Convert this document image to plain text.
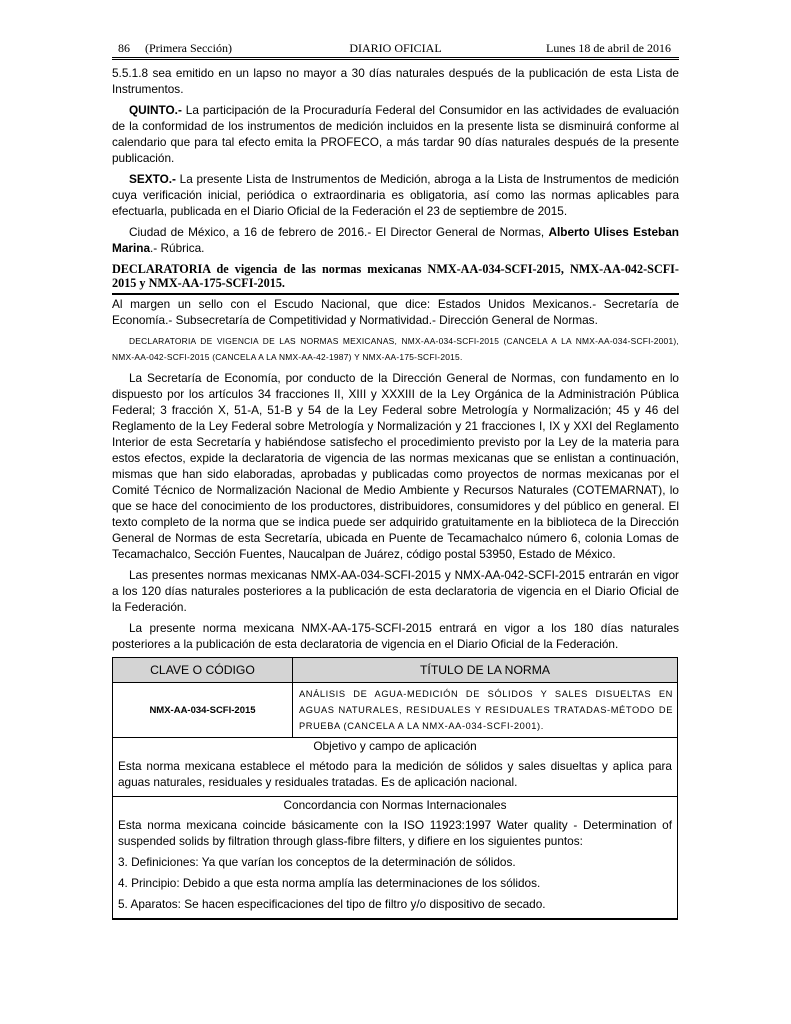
86     (Primera Sección)	DIARIO OFICIAL	Lunes 18 de abril de 2016

5.5.1.8 sea emitido en un lapso no mayor a 30 días naturales después de la publicación de esta Lista de Instrumentos.

QUINTO.- La participación de la Procuraduría Federal del Consumidor en las actividades de evaluación de la conformidad de los instrumentos de medición incluidos en la presente lista se disminuirá conforme al calendario que para tal efecto emita la PROFECO, a más tardar 90 días naturales después de la presente publicación.

SEXTO.- La presente Lista de Instrumentos de Medición, abroga a la Lista de Instrumentos de medición cuya verificación inicial, periódica o extraordinaria es obligatoria, así como las normas aplicables para efectuarla, publicada en el Diario Oficial de la Federación el 23 de septiembre de 2015.

Ciudad de México, a 16 de febrero de 2016.- El Director General de Normas, Alberto Ulises Esteban Marina.- Rúbrica.

DECLARATORIA de vigencia de las normas mexicanas NMX-AA-034-SCFI-2015, NMX-AA-042-SCFI-2015 y NMX-AA-175-SCFI-2015.

Al margen un sello con el Escudo Nacional, que dice: Estados Unidos Mexicanos.- Secretaría de Economía.- Subsecretaría de Competitividad y Normatividad.- Dirección General de Normas.

DECLARATORIA DE VIGENCIA DE LAS NORMAS MEXICANAS, NMX-AA-034-SCFI-2015 (CANCELA A LA NMX-AA-034-SCFI-2001), NMX-AA-042-SCFI-2015 (CANCELA A LA NMX-AA-42-1987) Y NMX-AA-175-SCFI-2015.

La Secretaría de Economía, por conducto de la Dirección General de Normas, con fundamento en lo dispuesto por los artículos 34 fracciones II, XIII y XXXIII de la Ley Orgánica de la Administración Pública Federal; 3 fracción X, 51-A, 51-B y 54 de la Ley Federal sobre Metrología y Normalización; 45 y 46 del Reglamento de la Ley Federal sobre Metrología y Normalización y 21 fracciones I, IX y XXI del Reglamento Interior de esta Secretaría y habiéndose satisfecho el procedimiento previsto por la Ley de la materia para estos efectos, expide la declaratoria de vigencia de las normas mexicanas que se enlistan a continuación, mismas que han sido elaboradas, aprobadas y publicadas como proyectos de normas mexicanas por el Comité Técnico de Normalización Nacional de Medio Ambiente y Recursos Naturales (COTEMARNAT), lo que se hace del conocimiento de los productores, distribuidores, consumidores y del público en general. El texto completo de la norma que se indica puede ser adquirido gratuitamente en la biblioteca de la Dirección General de Normas de esta Secretaría, ubicada en Puente de Tecamachalco número 6, colonia Lomas de Tecamachalco, Sección Fuentes, Naucalpan de Juárez, código postal 53950, Estado de México.

Las presentes normas mexicanas NMX-AA-034-SCFI-2015 y NMX-AA-042-SCFI-2015 entrarán en vigor a los 120 días naturales posteriores a la publicación de esta declaratoria de vigencia en el Diario Oficial de la Federación.

La presente norma mexicana NMX-AA-175-SCFI-2015 entrará en vigor a los 180 días naturales posteriores a la publicación de esta declaratoria de vigencia en el Diario Oficial de la Federación.

CLAVE O CÓDIGO	TÍTULO DE LA NORMA
NMX-AA-034-SCFI-2015	ANÁLISIS DE AGUA-MEDICIÓN DE SÓLIDOS Y SALES DISUELTAS EN AGUAS NATURALES, RESIDUALES Y RESIDUALES TRATADAS-MÉTODO DE PRUEBA (CANCELA A LA NMX-AA-034-SCFI-2001).

Objetivo y campo de aplicación

Esta norma mexicana establece el método para la medición de sólidos y sales disueltas y aplica para aguas naturales, residuales y residuales tratadas. Es de aplicación nacional.	

Concordancia con Normas Internacionales

Esta norma mexicana coincide básicamente con la ISO 11923:1997 Water quality - Determination of suspended solids by filtration through glass-fibre filters, y difiere en los siguientes puntos:

3. Definiciones: Ya que varían los conceptos de la determinación de sólidos.

4. Principio: Debido a que esta norma amplía las determinaciones de los sólidos.

5. Aparatos: Se hacen especificaciones del tipo de filtro y/o dispositivo de secado.	
